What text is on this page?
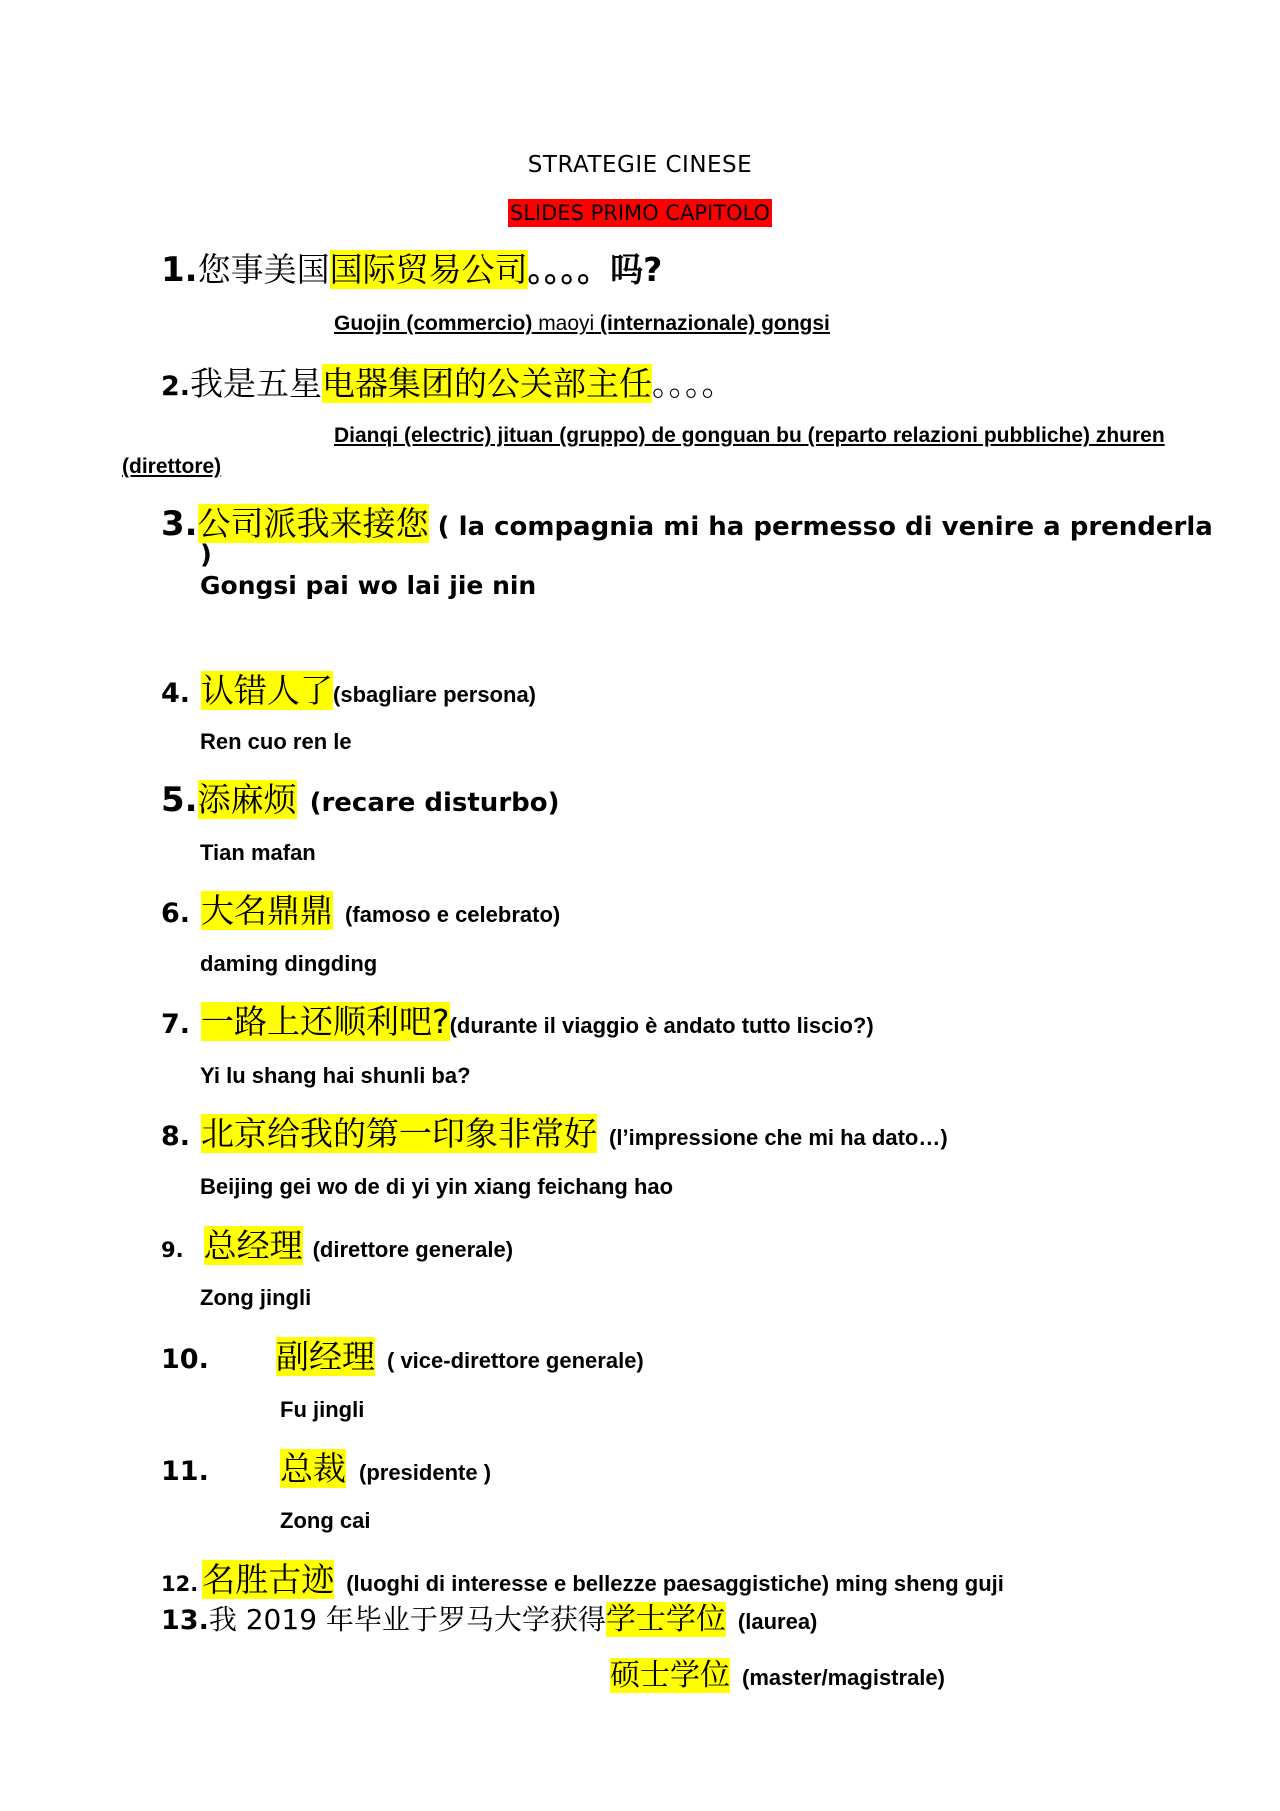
STRATEGIE CINESE
SLIDES PRIMO CAPITOLO
1.您事美国国际贸易公司。。。。吗?
Guojin (commercio) maoyi (internazionale) gongsi
2.我是五星电器集团的公关部主任。。。。
Dianqi (electric) jituan (gruppo) de gonguan bu (reparto relazioni pubbliche) zhuren
(direttore)
3.公司派我来接您 ( la compagnia mi ha permesso di venire a prenderla
)
Gongsi pai wo lai jie nin
4. 认错人了(sbagliare persona)
Ren cuo ren le
5.添麻烦 (recare disturbo)
Tian mafan
6. 大名鼎鼎 (famoso e celebrato)
daming dingding
7. 一路上还顺利吧?(durante il viaggio è andato tutto liscio?)
Yi lu shang hai shunli ba?
8. 北京给我的第一印象非常好 (l’impressione che mi ha dato…)
Beijing gei wo de di yi yin xiang feichang hao
9. 总经理 (direttore generale)
Zong jingli
10. 副经理 ( vice-direttore generale)
Fu jingli
11. 总裁 (presidente )
Zong cai
12. 名胜古迹 (luoghi di interesse e bellezze paesaggistiche) ming sheng guji
13.我 2019 年毕业于罗马大学获得学士学位 (laurea)
硕士学位 (master/magistrale)
